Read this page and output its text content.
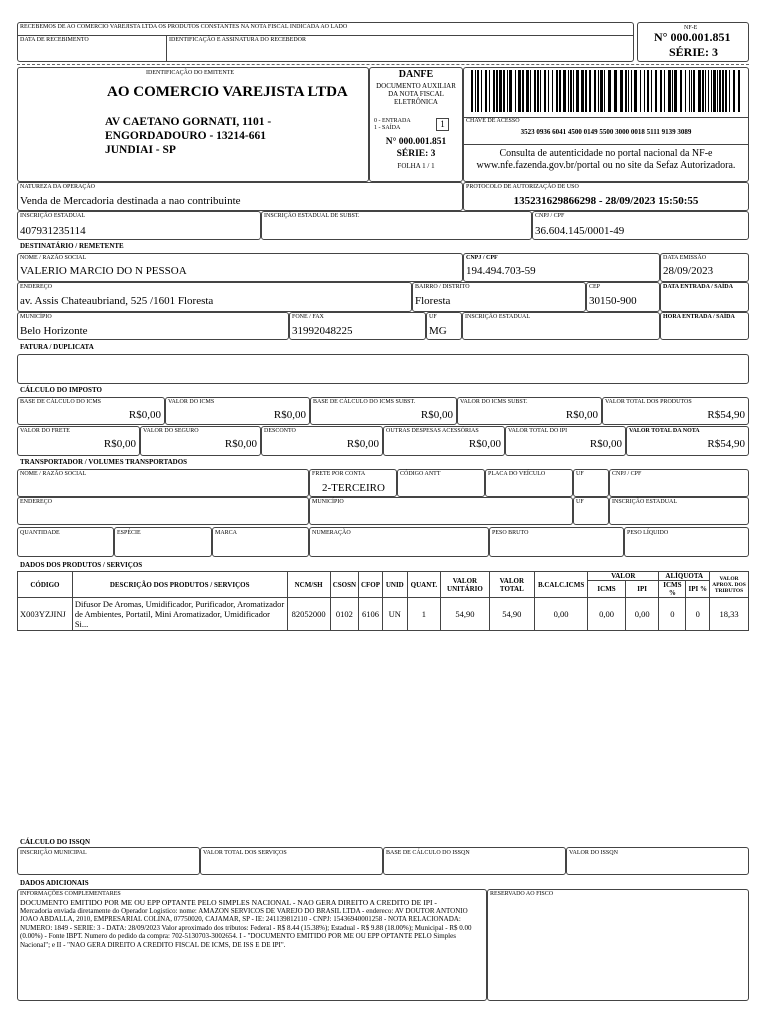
RECEBEMOS DE AO COMERCIO VAREJISTA LTDA OS PRODUTOS CONSTANTES NA NOTA FISCAL INDICADA AO LADO
DATA DE RECEBIMENTO	IDENTIFICAÇÃO E ASSINATURA DO RECEBEDOR
NF-E
N° 000.001.851
SÉRIE: 3
IDENTIFICAÇÃO DO EMITENTE
AO COMERCIO VAREJISTA LTDA
AV CAETANO GORNATI, 1101 -
ENGORDADOURO - 13214-661
JUNDIAI - SP
DANFE
DOCUMENTO AUXILIAR
DA NOTA FISCAL
ELETRÔNICA
0 - ENTRADA
1 - SAÍDA	1
N° 000.001.851
SÉRIE: 3
FOLHA 1 / 1
CHAVE DE ACESSO
3523 0936 6041 4500 0149 5500 3000 0018 5111 9139 3089
Consulta de autenticidade no portal nacional da NF-e
www.nfe.fazenda.gov.br/portal ou no site da Sefaz Autorizadora.
NATUREZA DA OPERAÇÃO
Venda de Mercadoria destinada a nao contribuinte
PROTOCOLO DE AUTORIZAÇÃO DE USO
135231629866298 - 28/09/2023 15:50:55
INSCRIÇÃO ESTADUAL
407931235114
INSCRIÇÃO ESTADUAL DE SUBST.	CNPJ / CPF
36.604.145/0001-49
DESTINATÁRIO / REMETENTE
NOME / RAZÃO SOCIAL
VALERIO MARCIO DO N PESSOA
CNPJ / CPF
194.494.703-59
DATA EMISSÃO
28/09/2023
ENDEREÇO
av. Assis Chateaubriand, 525 /1601 Floresta
BAIRRO / DISTRITO
Floresta
CEP
30150-900
DATA ENTRADA / SAÍDA
MUNICÍPIO
Belo Horizonte
FONE / FAX
31992048225
UF
MG
INSCRIÇÃO ESTADUAL	HORA ENTRADA / SAÍDA
FATURA / DUPLICATA
CÁLCULO DO IMPOSTO
BASE DE CÁLCULO DO ICMS
R$0,00
VALOR DO ICMS
R$0,00
BASE DE CÁLCULO DO ICMS SUBST.
R$0,00
VALOR DO ICMS SUBST.
R$0,00
VALOR TOTAL DOS PRODUTOS
R$54,90
VALOR DO FRETE
R$0,00
VALOR DO SEGURO
R$0,00
DESCONTO
R$0,00
OUTRAS DESPESAS ACESSÓRIAS
R$0,00
VALOR TOTAL DO IPI
R$0,00
VALOR TOTAL DA NOTA
R$54,90
TRANSPORTADOR / VOLUMES TRANSPORTADOS
NOME / RAZÃO SOCIAL	FRETE POR CONTA
2-TERCEIRO
CÓDIGO ANTT	PLACA DO VEÍCULO	UF	CNPJ / CPF
ENDEREÇO	MUNICÍPIO	UF	INSCRIÇÃO ESTADUAL
QUANTIDADE	ESPÉCIE	MARCA	NUMERAÇÃO	PESO BRUTO	PESO LÍQUIDO
DADOS DOS PRODUTOS / SERVIÇOS
CÓDIGO	DESCRIÇÃO DOS PRODUTOS / SERVIÇOS	NCM/SH	CSOSN	CFOP	UNID	QUANT.	VALOR UNITÁRIO	VALOR TOTAL	B.CALC.ICMS	VALOR		ALÍQUOTA		VALOR APROX. DOS TRIBUTOS
										ICMS	IPI	ICMS %	IPI %	
X003YZJINJ	Difusor De Aromas, Umidificador, Purificador, Aromatizador de Ambientes, Portatil, Mini Aromatizador, Umidificador Si...	82052000	0102	6106	UN	1	54,90	54,90	0,00	0,00	0,00	0	0	18,33
CÁLCULO DO ISSQN
INSCRIÇÃO MUNICIPAL	VALOR TOTAL DOS SERVIÇOS	BASE DE CÁLCULO DO ISSQN	VALOR DO ISSQN
DADOS ADICIONAIS
INFORMAÇÕES COMPLEMENTARES
DOCUMENTO EMITIDO POR ME OU EPP OPTANTE PELO SIMPLES NACIONAL - NAO GERA DIREITO A CREDITO DE IPI -
Mercadoria enviada diretamente do Operador Logistico: nome: AMAZON SERVICOS DE VAREJO DO BRASIL LTDA - endereco: AV DOUTOR ANTONIO JOAO ABDALLA, 2010, EMPRESARIAL COLINA, 07750020, CAJAMAR, SP - IE: 241139812110 - CNPJ: 15436940001258 - NOTA RELACIONADA: NUMERO: 1849 - SERIE: 3 - DATA: 28/09/2023 Valor aproximado dos tributos: Federal - R$ 8.44 (15.38%); Estadual - R$ 9.88 (18.00%); Municipal - R$ 0.00 (0.00%) - Fonte IBPT. Numero do pedido da compra: 702-5130703-3002654. I - "DOCUMENTO EMITIDO POR ME OU EPP OPTANTE PELO Simples Nacional"; e II - "NAO GERA DIREITO A CREDITO FISCAL DE ICMS, DE ISS E DE IPI".
RESERVADO AO FISCO
